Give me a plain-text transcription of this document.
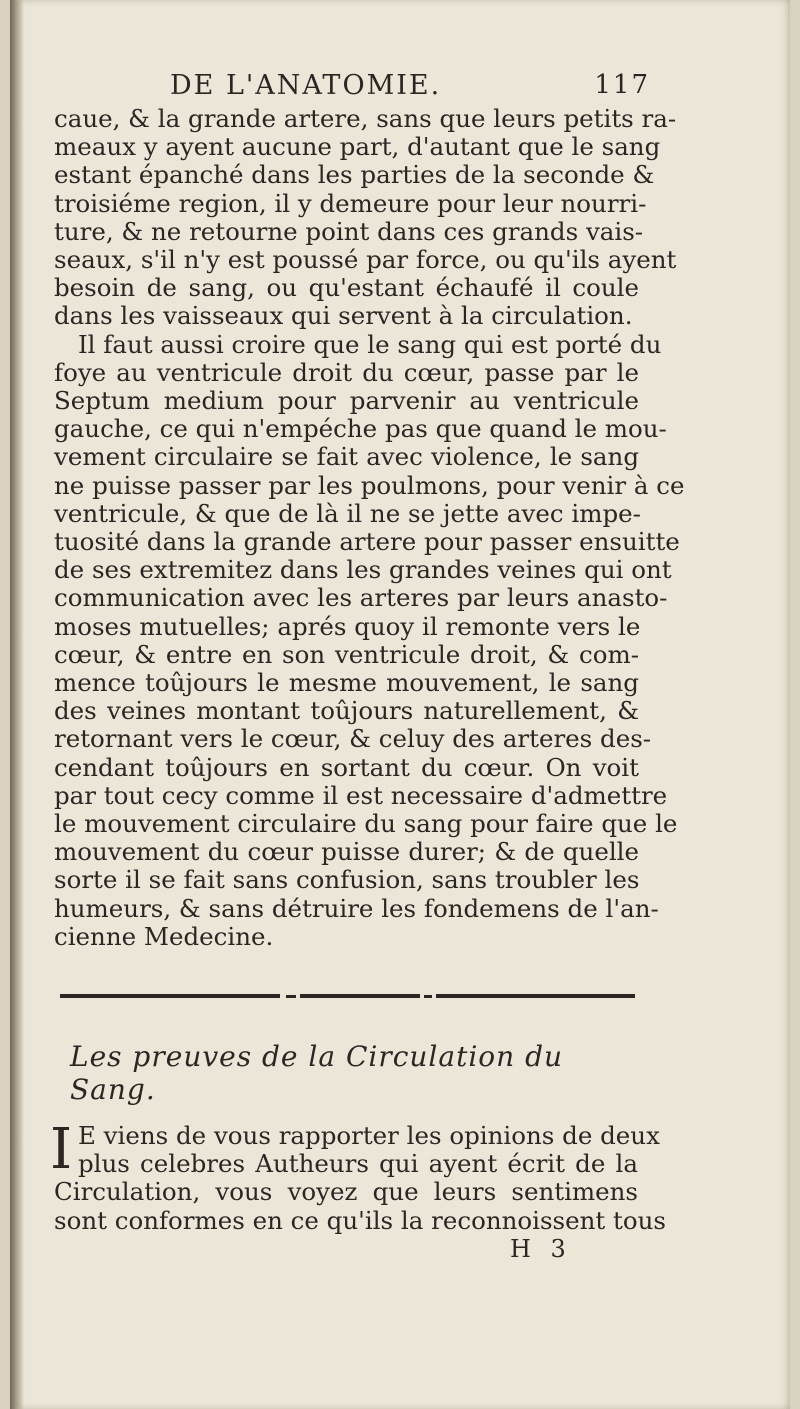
DE L'ANATOMIE.	117
caue, & la grande artere, sans que leurs petits ra-
meaux y ayent aucune part, d'autant que le sang
estant épanché dans les parties de la seconde &
troisiéme region, il y demeure pour leur nourri-
ture, & ne retourne point dans ces grands vais-
seaux, s'il n'y est poussé par force, ou qu'ils ayent
besoin de sang, ou qu'estant échaufé il coule
dans les vaisseaux qui servent à la circulation.
Il faut aussi croire que le sang qui est porté du
foye au ventricule droit du cœur, passe par le
Septum medium pour parvenir au ventricule
gauche, ce qui n'empéche pas que quand le mou-
vement circulaire se fait avec violence, le sang
ne puisse passer par les poulmons, pour venir à ce
ventricule, & que de là il ne se jette avec impe-
tuosité dans la grande artere pour passer ensuitte
de ses extremitez dans les grandes veines qui ont
communication avec les arteres par leurs anasto-
moses mutuelles; aprés quoy il remonte vers le
cœur, & entre en son ventricule droit, & com-
mence toûjours le mesme mouvement, le sang
des veines montant toûjours naturellement, &
retornant vers le cœur, & celuy des arteres des-
cendant toûjours en sortant du cœur. On voit
par tout cecy comme il est necessaire d'admettre
le mouvement circulaire du sang pour faire que le
mouvement du cœur puisse durer; & de quelle
sorte il se fait sans confusion, sans troubler les
humeurs, & sans détruire les fondemens de l'an-
cienne Medecine.
Les preuves de la Circulation du Sang.
I E viens de vous rapporter les opinions de deux
plus celebres Autheurs qui ayent écrit de la
Circulation, vous voyez que leurs sentimens
sont conformes en ce qu'ils la reconnoissent tous
H 3
